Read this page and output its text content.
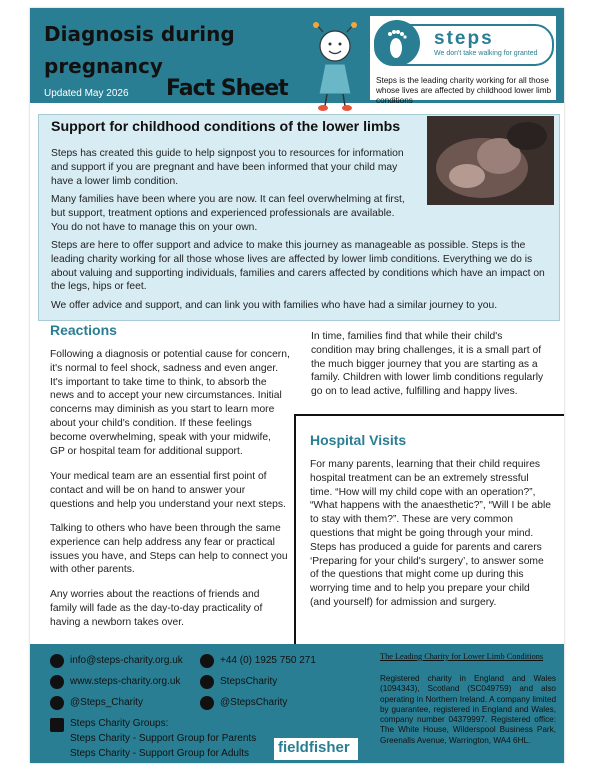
Diagnosis during
pregnancy
Updated May 2026 Fact Sheet
steps
We don't take walking for granted
Steps is the leading charity working for all those whose lives are affected by childhood lower limb conditions
Support for childhood conditions of the lower limbs

Steps has created this guide to help signpost you to resources for information

and support if you are pregnant and have been informed that your child may

have a lower limb condition.

Many families have been where you are now. It can feel overwhelming at first,

but support, treatment options and experienced professionals are available.

You do not have to manage this on your own.

Steps are here to offer support and advice to make this journey as manageable as possible. Steps is the

leading charity working for all those whose lives are affected by lower limb conditions. Everything we do is

about valuing and supporting individuals, families and carers affected by conditions which have an impact on

the legs, hips or feet.

We offer advice and support, and can link you with families who have had a similar journey to you.

Reactions

Following a diagnosis or potential cause for concern,

it's normal to feel shock, sadness and even anger.

It's important to take time to think, to absorb the

news and to accept your new circumstances. Initial

concerns may diminish as you start to learn more

about your child's condition. If these feelings

become overwhelming, speak with your midwife,

GP or hospital team for additional support.

Your medical team are an essential first point of

contact and will be on hand to answer your

questions and help you understand your next steps.

Talking to others who have been through the same

experience can help address any fear or practical

issues you have, and Steps can help to connect you

with other parents.

Any worries about the reactions of friends and

family will fade as the day-to-day practicality of

having a newborn takes over.

In time, families find that while their child's

condition may bring challenges, it is a small part of

the much bigger journey that you are starting as a

family. Children with lower limb conditions regularly

go on to lead active, fulfilling and happy lives.

Hospital Visits

For many parents, learning that their child requires

hospital treatment can be an extremely stressful

time. “How will my child cope with an operation?”,

“What happens with the anaesthetic?”, “Will I be able

to stay with them?”. These are very common

questions that might be going through your mind.

Steps has produced a guide for parents and carers

‘Preparing for your child's surgery’, to answer some

of the questions that might come up during this

worrying time and to help you prepare your child

(and yourself) for admission and surgery.

info@steps-charity.org.uk	+44 (0) 1925 750 271
www.steps-charity.org.uk	StepsCharity
@Steps_Charity	@StepsCharity
Steps Charity Groups:
Steps Charity - Support Group for Parents
Steps Charity - Support Group for Adults fieldfisher
The Leading Charity for Lower Limb Conditions
Registered charity in England and Wales (1094343), Scotland (SC049759) and also operating in Northern Ireland. A company limited by guarantee, registered in England and Wales, company number 04379997. Registered office: The White House, Wilderspool Business Park, Greenalls Avenue, Warrington, WA4 6HL.
